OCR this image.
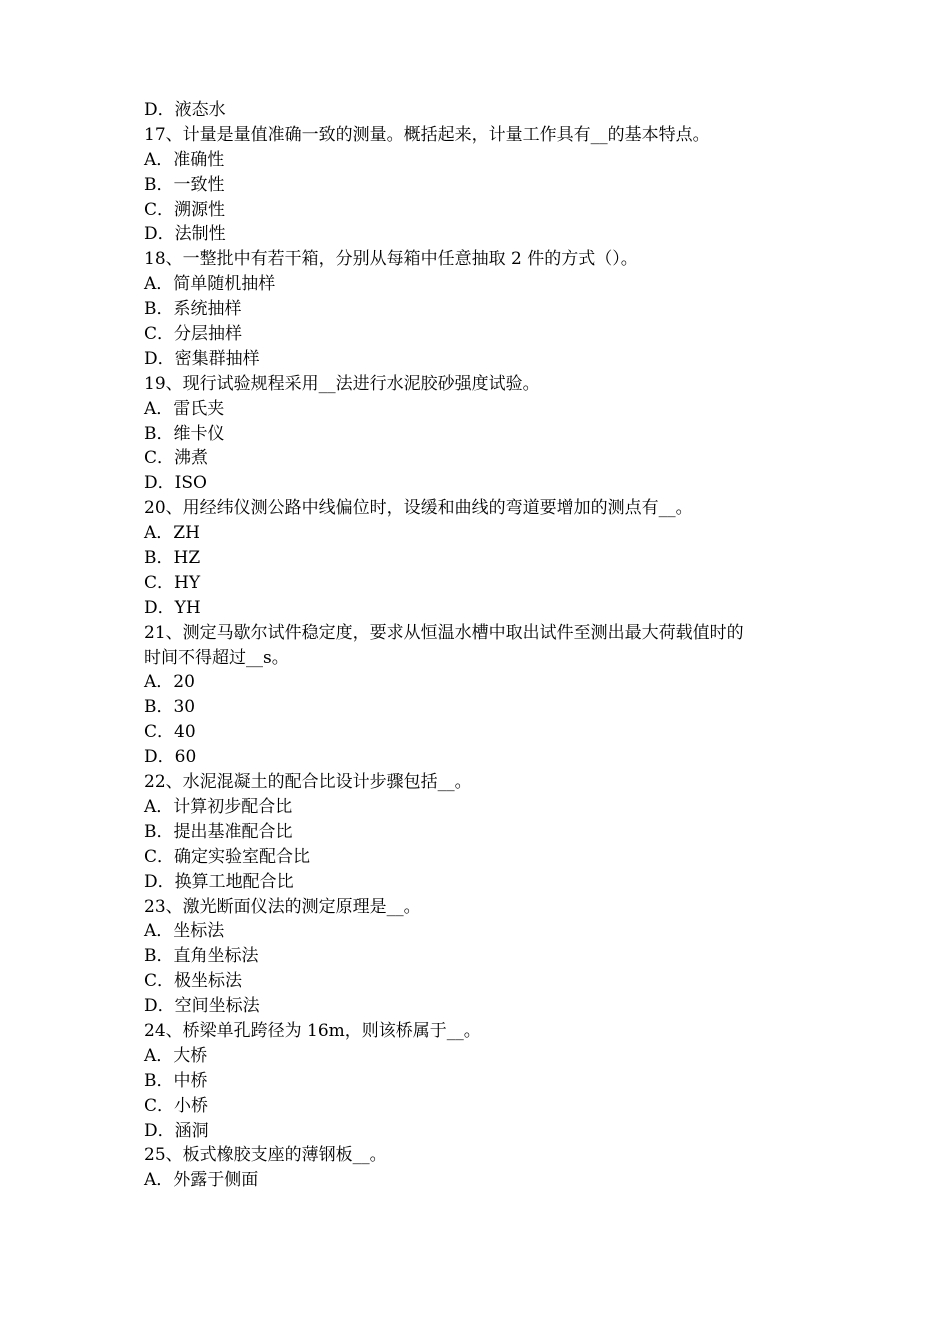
D．液态水

17、计量是量值准确一致的测量。概括起来，计量工作具有__的基本特点。

A．准确性

B．一致性

C．溯源性

D．法制性

18、一整批中有若干箱，分别从每箱中任意抽取 2 件的方式（）。

A．简单随机抽样

B．系统抽样

C．分层抽样

D．密集群抽样

19、现行试验规程采用__法进行水泥胶砂强度试验。

A．雷氏夹

B．维卡仪

C．沸煮

D．ISO

20、用经纬仪测公路中线偏位时，设缓和曲线的弯道要增加的测点有__。

A．ZH

B．HZ

C．HY

D．YH

21、测定马歇尔试件稳定度，要求从恒温水槽中取出试件至测出最大荷载值时的

时间不得超过__s。

A．20

B．30

C．40

D．60

22、水泥混凝土的配合比设计步骤包括__。

A．计算初步配合比

B．提出基准配合比

C．确定实验室配合比

D．换算工地配合比

23、激光断面仪法的测定原理是__。

A．坐标法

B．直角坐标法

C．极坐标法

D．空间坐标法

24、桥梁单孔跨径为 16m，则该桥属于__。

A．大桥

B．中桥

C．小桥

D．涵洞

25、板式橡胶支座的薄钢板__。

A．外露于侧面
